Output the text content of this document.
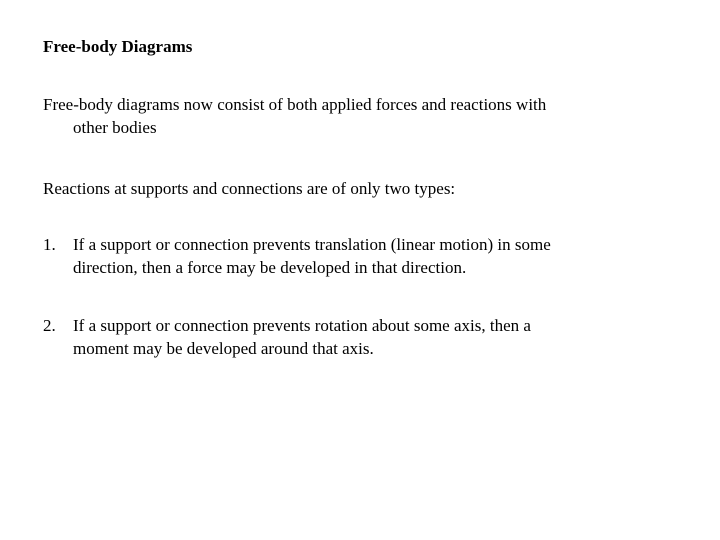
Free-body Diagrams
Free-body diagrams now consist of both applied forces and reactions with
other bodies
Reactions at supports and connections are of only two types:
1. If a support or connection prevents translation (linear motion) in some
direction, then a force may be developed in that direction.
2. If a support or connection prevents rotation about some axis, then a
moment may be developed around that axis.
